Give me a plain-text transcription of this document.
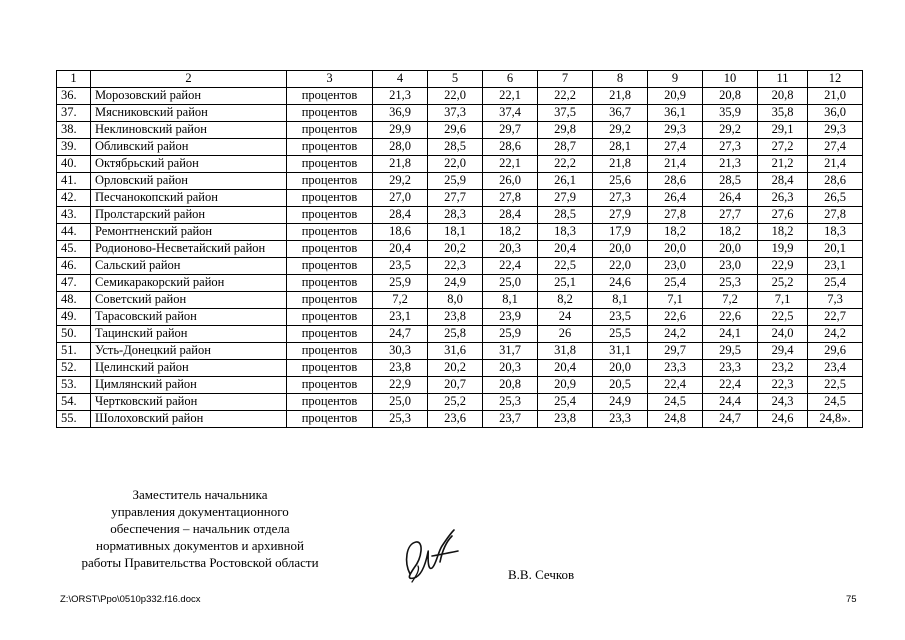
1	2	3	4	5	6	7	8	9	10	11	12
36.	Морозовский район	процентов	21,3	22,0	22,1	22,2	21,8	20,9	20,8	20,8	21,0
37.	Мясниковский район	процентов	36,9	37,3	37,4	37,5	36,7	36,1	35,9	35,8	36,0
38.	Неклиновский район	процентов	29,9	29,6	29,7	29,8	29,2	29,3	29,2	29,1	29,3
39.	Обливский район	процентов	28,0	28,5	28,6	28,7	28,1	27,4	27,3	27,2	27,4
40.	Октябрьский район	процентов	21,8	22,0	22,1	22,2	21,8	21,4	21,3	21,2	21,4
41.	Орловский район	процентов	29,2	25,9	26,0	26,1	25,6	28,6	28,5	28,4	28,6
42.	Песчанокопский район	процентов	27,0	27,7	27,8	27,9	27,3	26,4	26,4	26,3	26,5
43.	Пролстарский район	процентов	28,4	28,3	28,4	28,5	27,9	27,8	27,7	27,6	27,8
44.	Ремонтненский район	процентов	18,6	18,1	18,2	18,3	17,9	18,2	18,2	18,2	18,3
45.	Родионово-Несветайский район	процентов	20,4	20,2	20,3	20,4	20,0	20,0	20,0	19,9	20,1
46.	Сальский район	процентов	23,5	22,3	22,4	22,5	22,0	23,0	23,0	22,9	23,1
47.	Семикаракорский район	процентов	25,9	24,9	25,0	25,1	24,6	25,4	25,3	25,2	25,4
48.	Советский район	процентов	7,2	8,0	8,1	8,2	8,1	7,1	7,2	7,1	7,3
49.	Тарасовский район	процентов	23,1	23,8	23,9	24	23,5	22,6	22,6	22,5	22,7
50.	Тацинский район	процентов	24,7	25,8	25,9	26	25,5	24,2	24,1	24,0	24,2
51.	Усть-Донецкий район	процентов	30,3	31,6	31,7	31,8	31,1	29,7	29,5	29,4	29,6
52.	Целинский район	процентов	23,8	20,2	20,3	20,4	20,0	23,3	23,3	23,2	23,4
53.	Цимлянский район	процентов	22,9	20,7	20,8	20,9	20,5	22,4	22,4	22,3	22,5
54.	Чертковский район	процентов	25,0	25,2	25,3	25,4	24,9	24,5	24,4	24,3	24,5
55.	Шолоховский район	процентов	25,3	23,6	23,7	23,8	23,3	24,8	24,7	24,6	24,8».
Заместитель начальника
управления документационного
обеспечения – начальник отдела
нормативных документов и архивной
работы Правительства Ростовской области
В.В. Сечков
Z:\ORST\Ppo\0510p332.f16.docx	75
